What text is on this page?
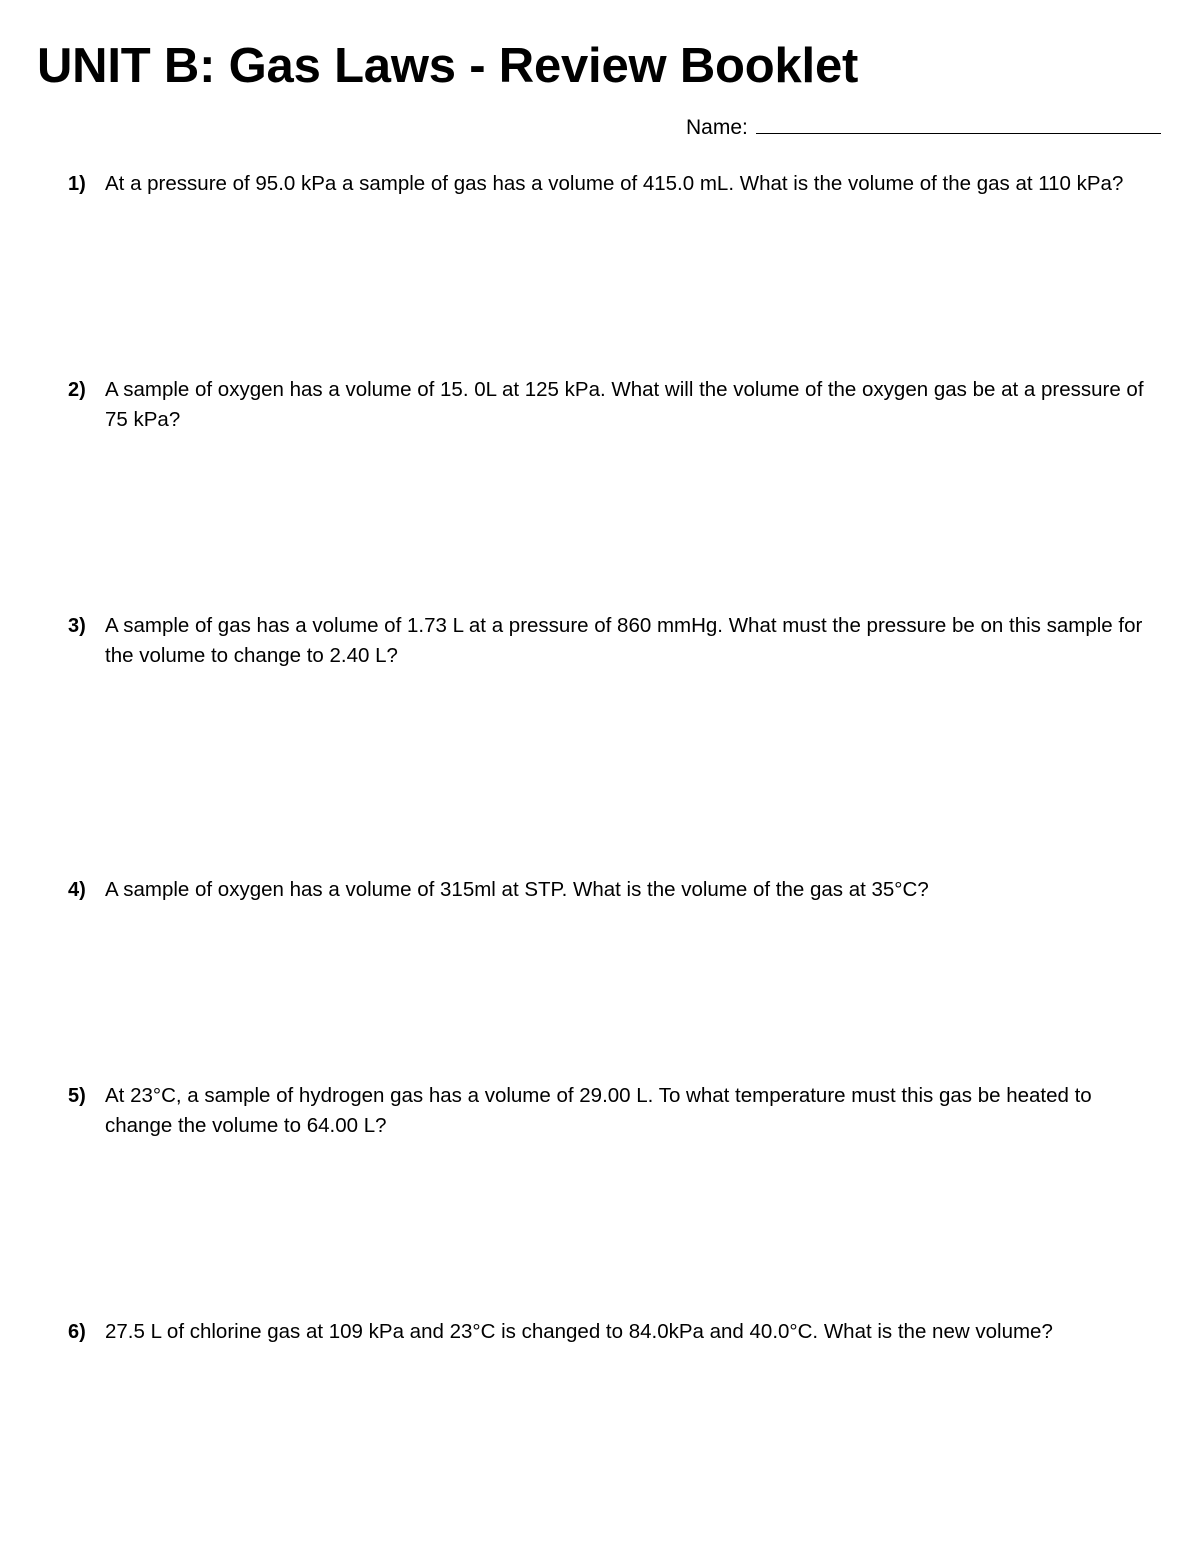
UNIT B: Gas Laws - Review Booklet
Name:
1) At a pressure of 95.0 kPa a sample of gas has a volume of 415.0 mL. What is the volume of the gas at 110 kPa?
2) A sample of oxygen has a volume of 15. 0L at 125 kPa. What will the volume of the oxygen gas be at a pressure of 75 kPa?
3) A sample of gas has a volume of 1.73 L at a pressure of 860 mmHg. What must the pressure be on this sample for the volume to change to 2.40 L?
4) A sample of oxygen has a volume of 315ml at STP. What is the volume of the gas at 35°C?
5) At 23°C, a sample of hydrogen gas has a volume of 29.00 L. To what temperature must this gas be heated to change the volume to 64.00 L?
6) 27.5 L of chlorine gas at 109 kPa and 23°C is changed to 84.0kPa and 40.0°C. What is the new volume?
